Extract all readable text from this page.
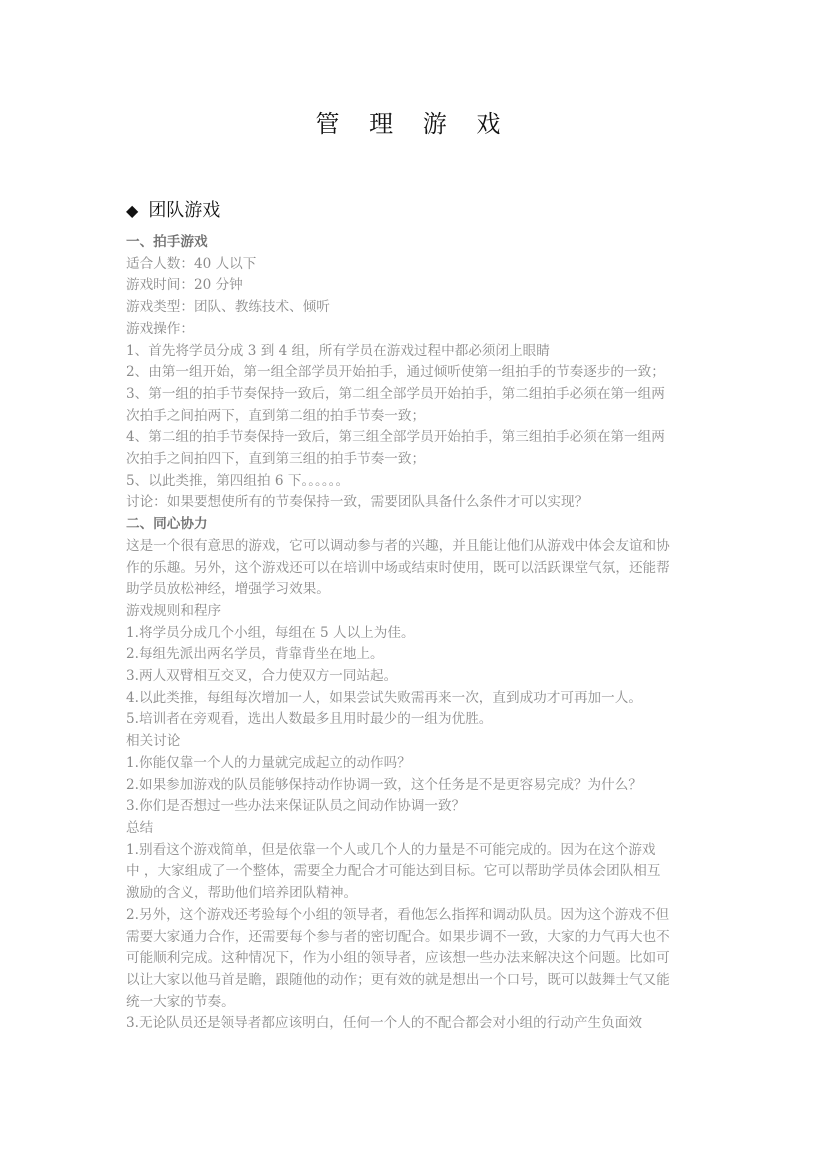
管 理 游 戏
◆ 团队游戏

一、拍手游戏

适合人数：40 人以下

游戏时间：20 分钟

游戏类型：团队、教练技术、倾听

游戏操作：

1、首先将学员分成 3 到 4 组，所有学员在游戏过程中都必须闭上眼睛

2、由第一组开始，第一组全部学员开始拍手，通过倾听使第一组拍手的节奏逐步的一致；

3、第一组的拍手节奏保持一致后，第二组全部学员开始拍手，第二组拍手必须在第一组两

次拍手之间拍两下，直到第二组的拍手节奏一致；

4、第二组的拍手节奏保持一致后，第三组全部学员开始拍手，第三组拍手必须在第一组两

次拍手之间拍四下，直到第三组的拍手节奏一致；

5、以此类推，第四组拍 6 下。。。。。。

讨论：如果要想使所有的节奏保持一致，需要团队具备什么条件才可以实现？

二、同心协力

这是一个很有意思的游戏，它可以调动参与者的兴趣，并且能让他们从游戏中体会友谊和协

作的乐趣。另外，这个游戏还可以在培训中场或结束时使用，既可以活跃课堂气氛，还能帮

助学员放松神经，增强学习效果。

游戏规则和程序

1.将学员分成几个小组，每组在 5 人以上为佳。

2.每组先派出两名学员，背靠背坐在地上。

3.两人双臂相互交叉，合力使双方一同站起。

4.以此类推，每组每次增加一人，如果尝试失败需再来一次，直到成功才可再加一人。

5.培训者在旁观看，选出人数最多且用时最少的一组为优胜。

相关讨论

1.你能仅靠一个人的力量就完成起立的动作吗？

2.如果参加游戏的队员能够保持动作协调一致，这个任务是不是更容易完成？为什么？

3.你们是否想过一些办法来保证队员之间动作协调一致？

总结

1.别看这个游戏简单，但是依靠一个人或几个人的力量是不可能完成的。因为在这个游戏

中 ，大家组成了一个整体，需要全力配合才可能达到目标。它可以帮助学员体会团队相互

激励的含义，帮助他们培养团队精神。

2.另外，这个游戏还考验每个小组的领导者，看他怎么指挥和调动队员。因为这个游戏不但

需要大家通力合作，还需要每个参与者的密切配合。如果步调不一致，大家的力气再大也不

可能顺利完成。这种情况下，作为小组的领导者，应该想一些办法来解决这个问题。比如可

以让大家以他马首是瞻，跟随他的动作；更有效的就是想出一个口号，既可以鼓舞士气又能

统一大家的节奏。

3.无论队员还是领导者都应该明白，任何一个人的不配合都会对小组的行动产生负面效
